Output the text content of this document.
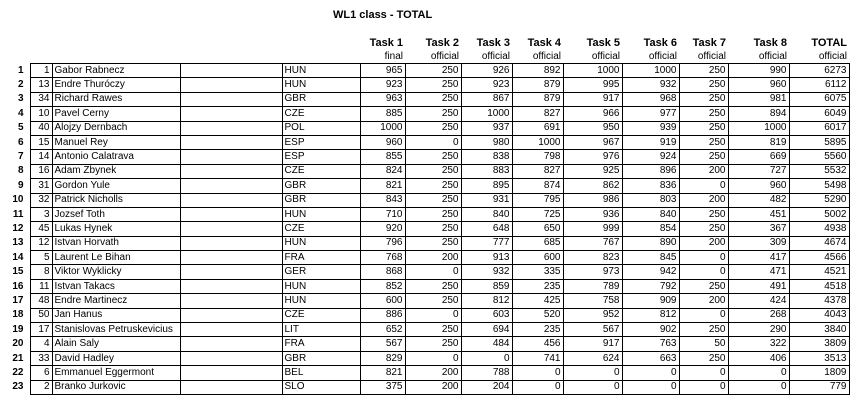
WL1 class - TOTAL
					Task 1	Task 2	Task 3	Task 4	Task 5	Task 6	Task 7	Task 8	TOTAL
					final	official	official	official	official	official	official	official	official
1	1	Gabor Rabnecz		HUN	965	250	926	892	1000	1000	250	990	6273
2	13	Endre Thuróczy		HUN	923	250	923	879	995	932	250	960	6112
3	34	Richard Rawes		GBR	963	250	867	879	917	968	250	981	6075
4	10	Pavel Cerny		CZE	885	250	1000	827	966	977	250	894	6049
5	40	Alojzy Dernbach		POL	1000	250	937	691	950	939	250	1000	6017
6	15	Manuel Rey		ESP	960	0	980	1000	967	919	250	819	5895
7	14	Antonio Calatrava		ESP	855	250	838	798	976	924	250	669	5560
8	16	Adam Zbynek		CZE	824	250	883	827	925	896	200	727	5532
9	31	Gordon Yule		GBR	821	250	895	874	862	836	0	960	5498
10	32	Patrick Nicholls		GBR	843	250	931	795	986	803	200	482	5290
11	3	Jozsef Toth		HUN	710	250	840	725	936	840	250	451	5002
12	45	Lukas Hynek		CZE	920	250	648	650	999	854	250	367	4938
13	12	Istvan Horvath		HUN	796	250	777	685	767	890	200	309	4674
14	5	Laurent Le Bihan		FRA	768	200	913	600	823	845	0	417	4566
15	8	Viktor Wyklicky		GER	868	0	932	335	973	942	0	471	4521
16	11	Istvan Takacs		HUN	852	250	859	235	789	792	250	491	4518
17	48	Endre Martinecz		HUN	600	250	812	425	758	909	200	424	4378
18	50	Jan Hanus		CZE	886	0	603	520	952	812	0	268	4043
19	17	Stanislovas Petruskevicius		LIT	652	250	694	235	567	902	250	290	3840
20	4	Alain Saly		FRA	567	250	484	456	917	763	50	322	3809
21	33	David Hadley		GBR	829	0	0	741	624	663	250	406	3513
22	6	Emmanuel Eggermont		BEL	821	200	788	0	0	0	0	0	1809
23	2	Branko Jurkovic		SLO	375	200	204	0	0	0	0	0	779
